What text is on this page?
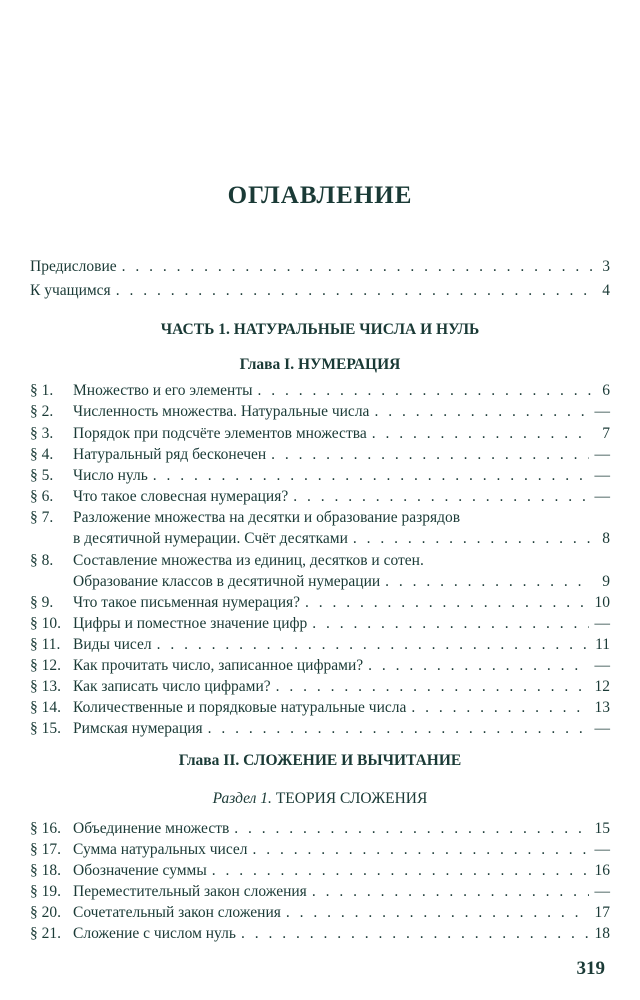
ОГЛАВЛЕНИЕ
Предисловие . . .	3
К учащимся . . .	4
ЧАСТЬ 1. НАТУРАЛЬНЫЕ ЧИСЛА И НУЛЬ
Глава I. НУМЕРАЦИЯ
§ 1.	Множество и его элементы . . .	6
§ 2.	Численность множества. Натуральные числа . . .	—
§ 3.	Порядок при подсчёте элементов множества . . .	7
§ 4.	Натуральный ряд бесконечен . . .	—
§ 5.	Число нуль . . .	—
§ 6.	Что такое словесная нумерация? . . .	—
§ 7. Разложение множества на десятки и образование разрядов
в десятичной нумерации. Счёт десятками . . .	8
§ 8. Составление множества из единиц, десятков и сотен.
Образование классов в десятичной нумерации . . .	9
§ 9.	Что такое письменная нумерация? . . .	10
§ 10. Цифры и поместное значение цифр . . .	—
§ 11. Виды чисел . . .	11
§ 12. Как прочитать число, записанное цифрами? . . .	—
§ 13. Как записать число цифрами? . . .	12
§ 14. Количественные и порядковые натуральные числа . . .	13
§ 15. Римская нумерация . . .	—
Глава II. СЛОЖЕНИЕ И ВЫЧИТАНИЕ
Раздел 1. ТЕОРИЯ СЛОЖЕНИЯ
§ 16. Объединение множеств . . .	15
§ 17. Сумма натуральных чисел . . .	—
§ 18. Обозначение суммы . . .	16
§ 19. Переместительный закон сложения . . .	—
§ 20. Сочетательный закон сложения . . .	17
§ 21. Сложение с числом нуль . . .	18
319
